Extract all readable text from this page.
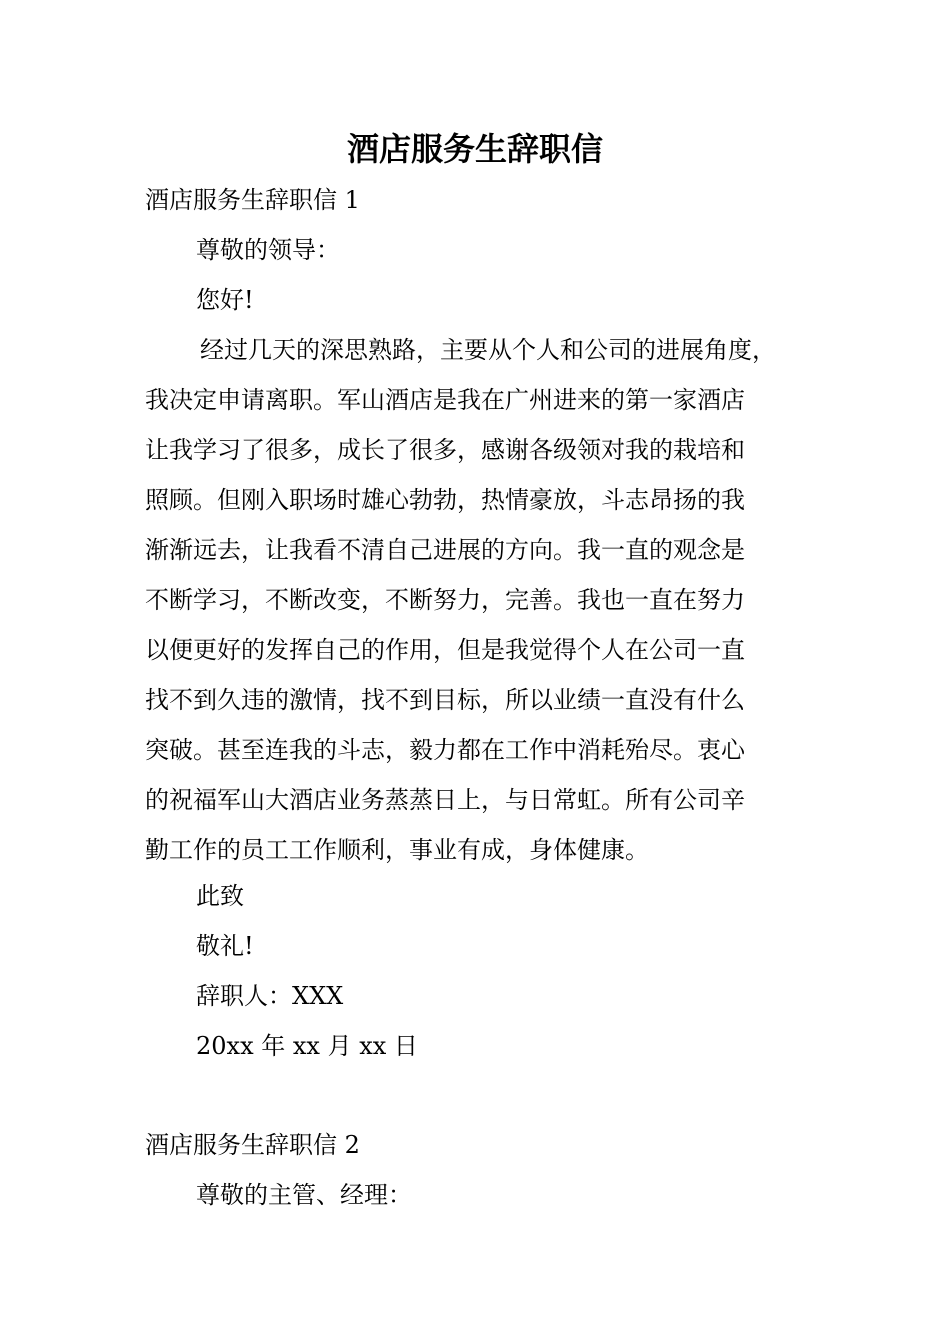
酒店服务生辞职信
酒店服务生辞职信 1
尊敬的领导：
您好!
经过几天的深思熟路，主要从个人和公司的进展角度，
我决定申请离职。军山酒店是我在广州进来的第一家酒店
让我学习了很多，成长了很多，感谢各级领对我的栽培和
照顾。但刚入职场时雄心勃勃，热情豪放，斗志昂扬的我
渐渐远去，让我看不清自己进展的方向。我一直的观念是
不断学习，不断改变，不断努力，完善。我也一直在努力
以便更好的发挥自己的作用，但是我觉得个人在公司一直
找不到久违的激情，找不到目标，所以业绩一直没有什么
突破。甚至连我的斗志，毅力都在工作中消耗殆尽。衷心
的祝福军山大酒店业务蒸蒸日上，与日常虹。所有公司辛
勤工作的员工工作顺利，事业有成，身体健康。
此致
敬礼!
辞职人：XXX
20xx 年 xx 月 xx 日
酒店服务生辞职信 2
尊敬的主管、经理：
